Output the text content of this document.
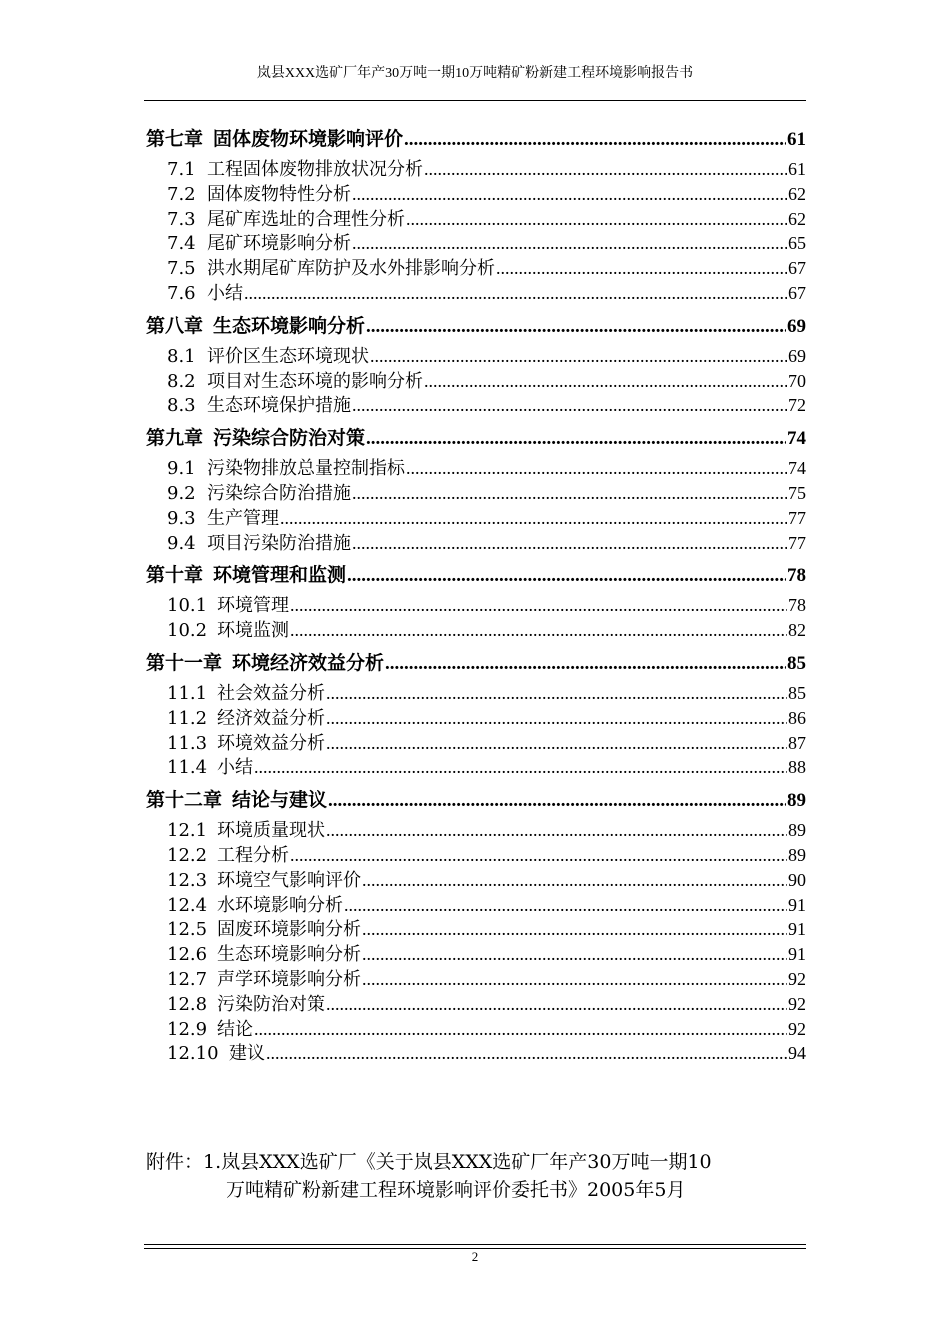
岚县XXX选矿厂年产30万吨一期10万吨精矿粉新建工程环境影响报告书
第七章 固体废物环境影响评价 .....	61
7.1 工程固体废物排放状况分析 .....	61
7.2 固体废物特性分析 .....	62
7.3 尾矿库选址的合理性分析 .....	62
7.4 尾矿环境影响分析 .....	65
7.5 洪水期尾矿库防护及水外排影响分析 .....	67
7.6 小结 .....	67
第八章 生态环境影响分析 .....	69
8.1 评价区生态环境现状 .....	69
8.2 项目对生态环境的影响分析 .....	70
8.3 生态环境保护措施 .....	72
第九章 污染综合防治对策 .....	74
9.1 污染物排放总量控制指标 .....	74
9.2 污染综合防治措施 .....	75
9.3 生产管理 .....	77
9.4 项目污染防治措施 .....	77
第十章 环境管理和监测 .....	78
10.1 环境管理 .....	78
10.2 环境监测 .....	82
第十一章 环境经济效益分析 .....	85
11.1 社会效益分析 .....	85
11.2 经济效益分析 .....	86
11.3 环境效益分析 .....	87
11.4 小结 .....	88
第十二章 结论与建议 .....	89
12.1 环境质量现状 .....	89
12.2 工程分析 .....	89
12.3 环境空气影响评价 .....	90
12.4 水环境影响分析 .....	91
12.5 固废环境影响分析 .....	91
12.6 生态环境影响分析 .....	91
12.7 声学环境影响分析 .....	92
12.8 污染防治对策 .....	92
12.9 结论 .....	92
12.10 建议 .....	94
附件：1.岚县XXX选矿厂《关于岚县XXX选矿厂年产30万吨一期10
万吨精矿粉新建工程环境影响评价委托书》2005年5月
2
